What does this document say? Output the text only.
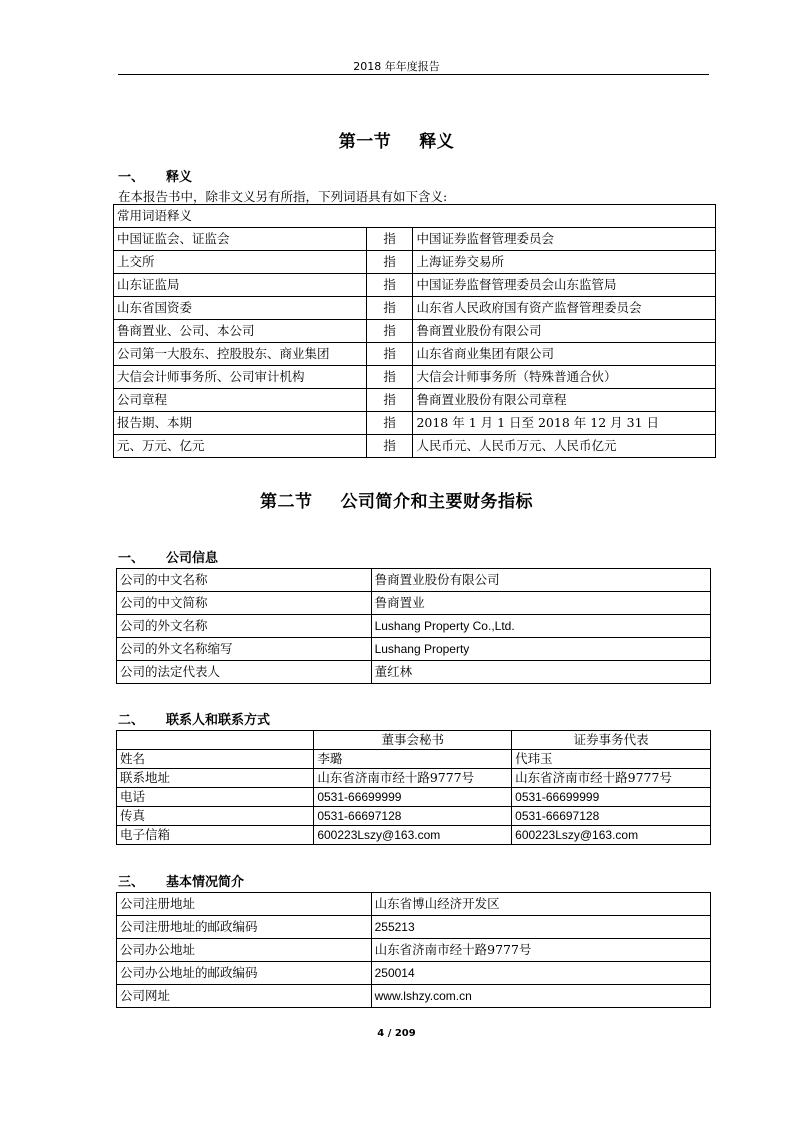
2018 年年度报告
第一节 释义
一、 释义
在本报告书中，除非文义另有所指，下列词语具有如下含义:
常用词语释义		
中国证监会、证监会	指	中国证券监督管理委员会
上交所	指	上海证券交易所
山东证监局	指	中国证券监督管理委员会山东监管局
山东省国资委	指	山东省人民政府国有资产监督管理委员会
鲁商置业、公司、本公司	指	鲁商置业股份有限公司
公司第一大股东、控股股东、商业集团	指	山东省商业集团有限公司
大信会计师事务所、公司审计机构	指	大信会计师事务所（特殊普通合伙）
公司章程	指	鲁商置业股份有限公司章程
报告期、本期	指	2018 年 1 月 1 日至 2018 年 12 月 31 日
元、万元、亿元	指	人民币元、人民币万元、人民币亿元
第二节 公司简介和主要财务指标
一、 公司信息
公司的中文名称	鲁商置业股份有限公司
公司的中文简称	鲁商置业
公司的外文名称	Lushang Property Co.,Ltd.
公司的外文名称缩写	Lushang Property
公司的法定代表人	董红林
二、 联系人和联系方式
	董事会秘书	证券事务代表
姓名	李璐	代玮玉
联系地址	山东省济南市经十路9777号	山东省济南市经十路9777号
电话	0531-66699999	0531-66699999
传真	0531-66697128	0531-66697128
电子信箱	600223Lszy@163.com	600223Lszy@163.com
三、 基本情况简介
公司注册地址	山东省博山经济开发区
公司注册地址的邮政编码	255213
公司办公地址	山东省济南市经十路9777号
公司办公地址的邮政编码	250014
公司网址	www.lshzy.com.cn
4 / 209
